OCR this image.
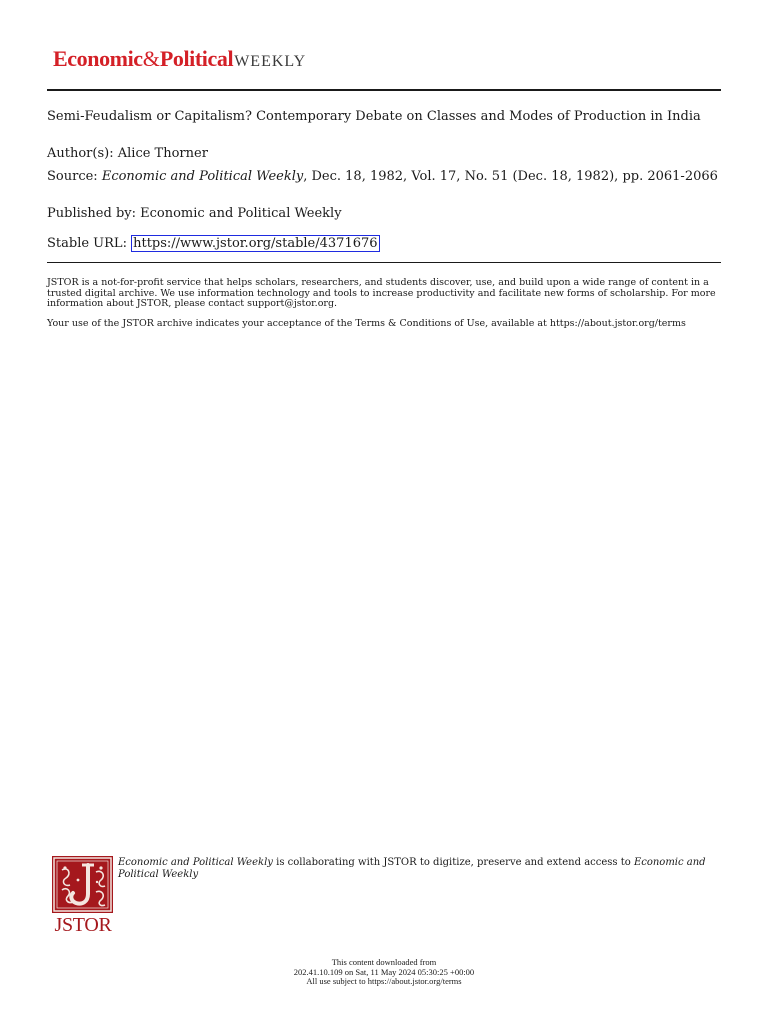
Economic&PoliticalWEEKLY
Semi-Feudalism or Capitalism? Contemporary Debate on Classes and Modes of Production in India
Author(s): Alice Thorner
Source: Economic and Political Weekly, Dec. 18, 1982, Vol. 17, No. 51 (Dec. 18, 1982), pp. 2061-2066
Published by: Economic and Political Weekly
Stable URL: https://www.jstor.org/stable/4371676
JSTOR is a not-for-profit service that helps scholars, researchers, and students discover, use, and build upon a wide range of content in a trusted digital archive. We use information technology and tools to increase productivity and facilitate new forms of scholarship. For more information about JSTOR, please contact support@jstor.org.
Your use of the JSTOR archive indicates your acceptance of the Terms & Conditions of Use, available at https://about.jstor.org/terms
JSTOR
Economic and Political Weekly is collaborating with JSTOR to digitize, preserve and extend access to Economic and Political Weekly
This content downloaded from
202.41.10.109 on Sat, 11 May 2024 05:30:25 +00:00
All use subject to https://about.jstor.org/terms
